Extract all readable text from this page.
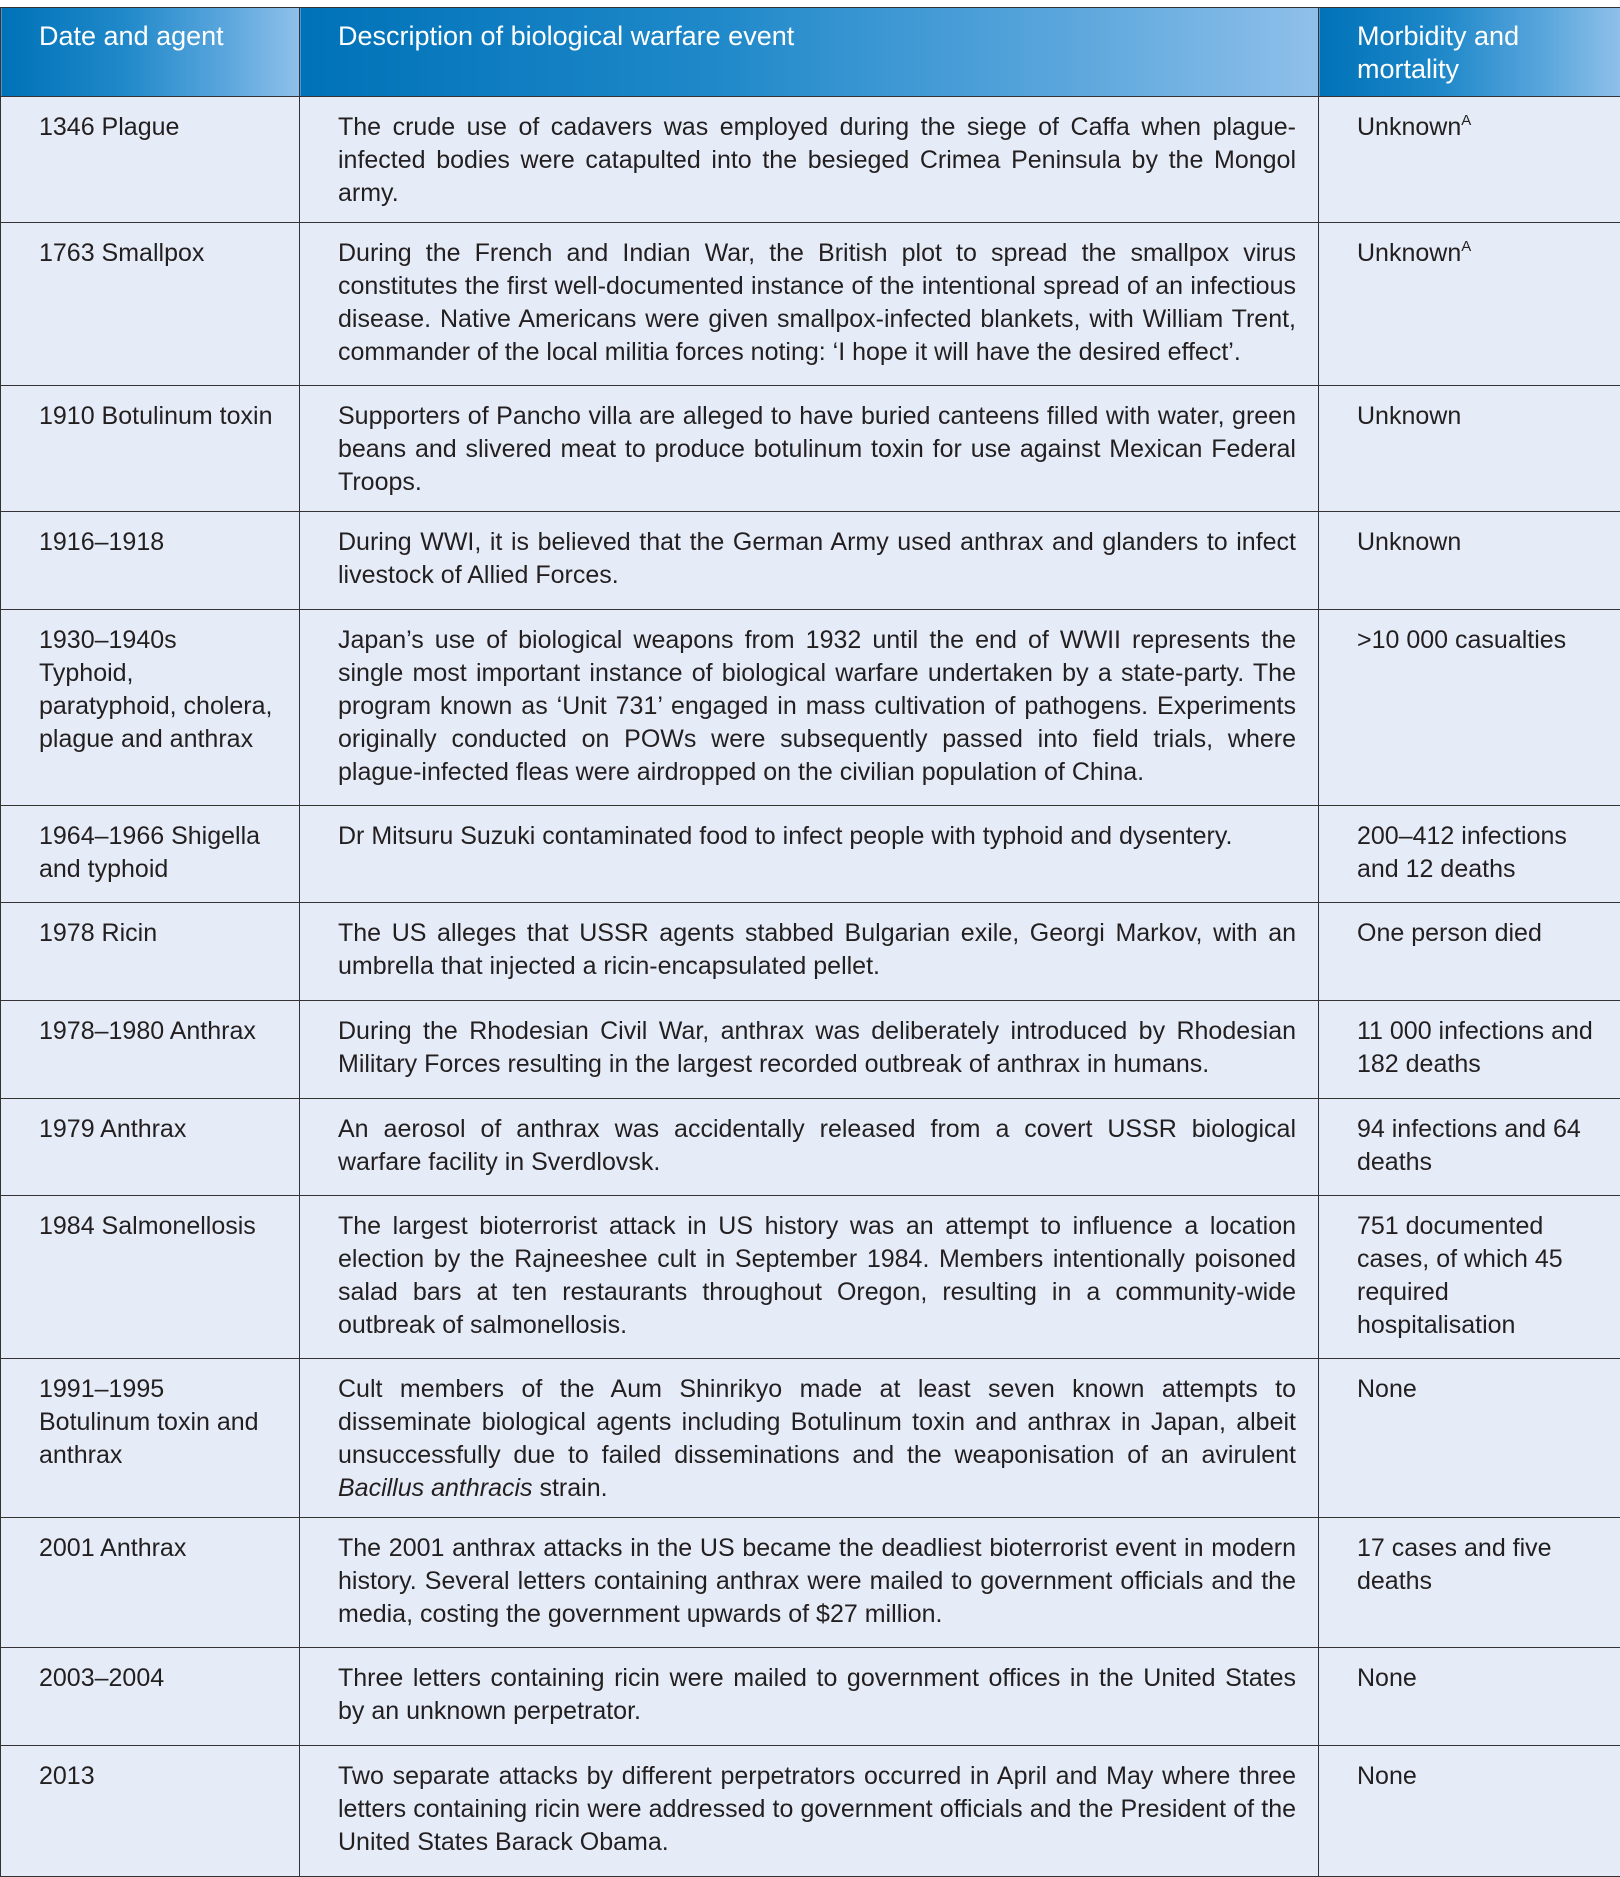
Date and agent	Description of biological warfare event	Morbidity and mortality
1346 Plague	The crude use of cadavers was employed during the siege of Caffa when plague-infected bodies were catapulted into the besieged Crimea Peninsula by the Mongol army.	Unknown$^A$
1763 Smallpox	During the French and Indian War, the British plot to spread the smallpox virus constitutes the first well-documented instance of the intentional spread of an infectious disease. Native Americans were given smallpox-infected blankets, with William Trent, commander of the local militia forces noting: ‘I hope it will have the desired effect’.	Unknown$^A$
1910 Botulinum toxin	Supporters of Pancho villa are alleged to have buried canteens filled with water, green beans and slivered meat to produce botulinum toxin for use against Mexican Federal Troops.	Unknown
1916–1918	During WWI, it is believed that the German Army used anthrax and glanders to infect livestock of Allied Forces.	Unknown
1930–1940s Typhoid, paratyphoid, cholera, plague and anthrax	Japan’s use of biological weapons from 1932 until the end of WWII represents the single most important instance of biological warfare undertaken by a state-party. The program known as ‘Unit 731’ engaged in mass cultivation of pathogens. Experiments originally conducted on POWs were subsequently passed into field trials, where plague-infected fleas were airdropped on the civilian population of China.	>10 000 casualties
1964–1966 Shigella and typhoid	Dr Mitsuru Suzuki contaminated food to infect people with typhoid and dysentery.	200–412 infections and 12 deaths
1978 Ricin	The US alleges that USSR agents stabbed Bulgarian exile, Georgi Markov, with an umbrella that injected a ricin-encapsulated pellet.	One person died
1978–1980 Anthrax	During the Rhodesian Civil War, anthrax was deliberately introduced by Rhodesian Military Forces resulting in the largest recorded outbreak of anthrax in humans.	11 000 infections and 182 deaths
1979 Anthrax	An aerosol of anthrax was accidentally released from a covert USSR biological warfare facility in Sverdlovsk.	94 infections and 64 deaths
1984 Salmonellosis	The largest bioterrorist attack in US history was an attempt to influence a location election by the Rajneeshee cult in September 1984. Members intentionally poisoned salad bars at ten restaurants throughout Oregon, resulting in a community-wide outbreak of salmonellosis.	751 documented cases, of which 45 required hospitalisation
1991–1995 Botulinum toxin and anthrax	Cult members of the Aum Shinrikyo made at least seven known attempts to disseminate biological agents including Botulinum toxin and anthrax in Japan, albeit unsuccessfully due to failed disseminations and the weaponisation of an avirulent Bacillus anthracis strain.	None
2001 Anthrax	The 2001 anthrax attacks in the US became the deadliest bioterrorist event in modern history. Several letters containing anthrax were mailed to government officials and the media, costing the government upwards of $27 million.	17 cases and five deaths
2003–2004	Three letters containing ricin were mailed to government offices in the United States by an unknown perpetrator.	None
2013	Two separate attacks by different perpetrators occurred in April and May where three letters containing ricin were addressed to government officials and the President of the United States Barack Obama.	None
